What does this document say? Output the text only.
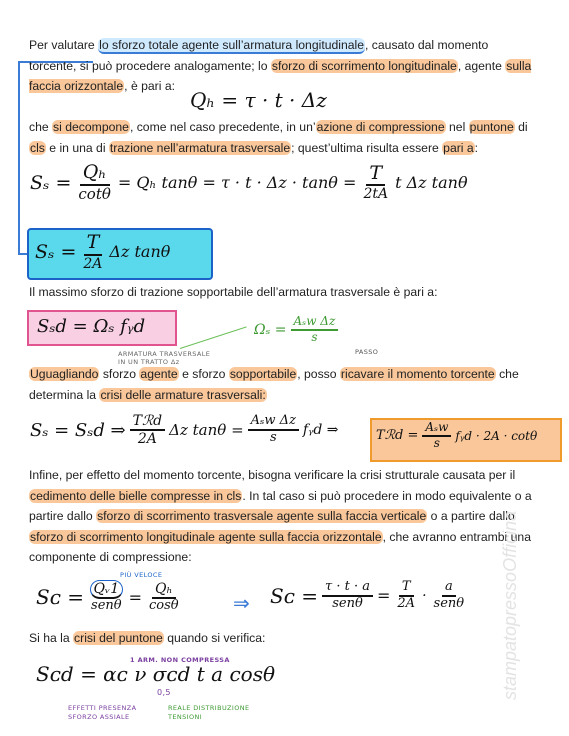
Per valutare lo sforzo totale agente sull’armatura longitudinale, causato dal momento torcente, si può procedere analogamente; lo sforzo di scorrimento longitudinale, agente sulla faccia orizzontale, è pari a:
Qₕ = τ · t · Δz
che si decompone, come nel caso precedente, in un’azione di compressione nel puntone di cls e in una di trazione nell’armatura trasversale; quest’ultima risulta essere pari a:
$S_s = \frac{\text{Qₕ}}{\cot\theta} = Q_h$ $\tan\theta = \tau \cdot t \cdot \Delta z \cdot \tan\theta = \frac{T}{2tA}$ t Δz tanθ
$S_s = \frac{T}{2A}$ Δz tanθ
Il massimo sforzo di trazione sopportabile dell’armatura trasversale è pari a:
Sₛd = Ωₛ fᵧd
ARMATURA TRASVERSALE
IN UN TRATTO Δz
$\Omega_s = \frac{\text{Aₛw Δz}}{s}$
PASSO
Uguagliando sforzo agente e sforzo sopportabile, posso ricavare il momento torcente che determina la crisi delle armature trasversali:
Sₛ = Sₛd ⇒ $\frac{\text{Tℛd}}{2A}$ Δz $\tan\theta = \frac{\text{Aₛw Δz}}{s}$ fᵧd ⇒	Tℛd = $\frac{\text{Aₛw}}{s}$ fᵧd · 2A · cotθ
Infine, per effetto del momento torcente, bisogna verificare la crisi strutturale causata per il cedimento delle bielle compresse in cls. In tal caso si può procedere in modo equivalente o a partire dallo sforzo di scorrimento trasversale agente sulla faccia verticale o a partire dallo sforzo di scorrimento longitudinale agente sulla faccia orizzontale, che avranno entrambi una componente di compressione:
PIÙ VELOCE
Sᴄ = $\frac{\text{Qᵥ1}}{\text{senθ}} = \frac{\text{Qₕ}}{\cos\theta}$	⇒ Sᴄ = $\frac{\tau \cdot t \cdot a}{\text{senθ}} = \frac{T}{2A} \cdot \frac{a}{\text{senθ}}$
Si ha la crisi del puntone quando si verifica:
1 ARM. NON COMPRESSA
Sᴄd = αᴄ ν σᴄd t a cosθ
0,5
EFFETTI PRESENZA
SFORZO ASSIALE
REALE DISTRIBUZIONE
TENSIONI
stampatopressoOfficina
